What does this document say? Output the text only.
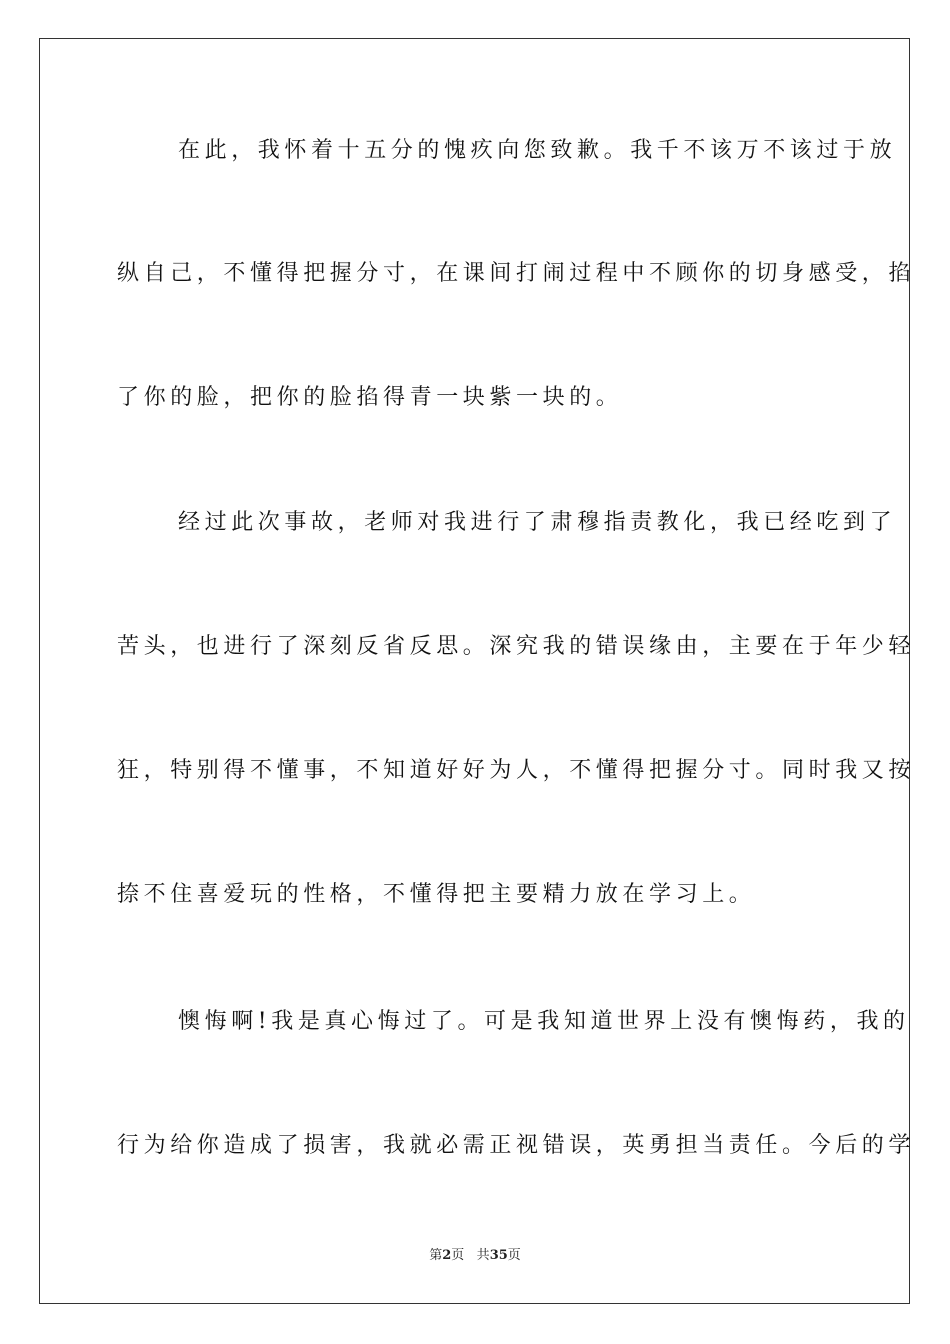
在此，我怀着十五分的愧疚向您致歉。我千不该万不该过于放
纵自己，不懂得把握分寸，在课间打闹过程中不顾你的切身感受，掐
了你的脸，把你的脸掐得青一块紫一块的。
经过此次事故，老师对我进行了肃穆指责教化，我已经吃到了
苦头，也进行了深刻反省反思。深究我的错误缘由，主要在于年少轻
狂，特别得不懂事，不知道好好为人，不懂得把握分寸。同时我又按
捺不住喜爱玩的性格，不懂得把主要精力放在学习上。
懊悔啊!我是真心悔过了。可是我知道世界上没有懊悔药，我的
行为给你造成了损害，我就必需正视错误，英勇担当责任。今后的学
第2页 共35页
